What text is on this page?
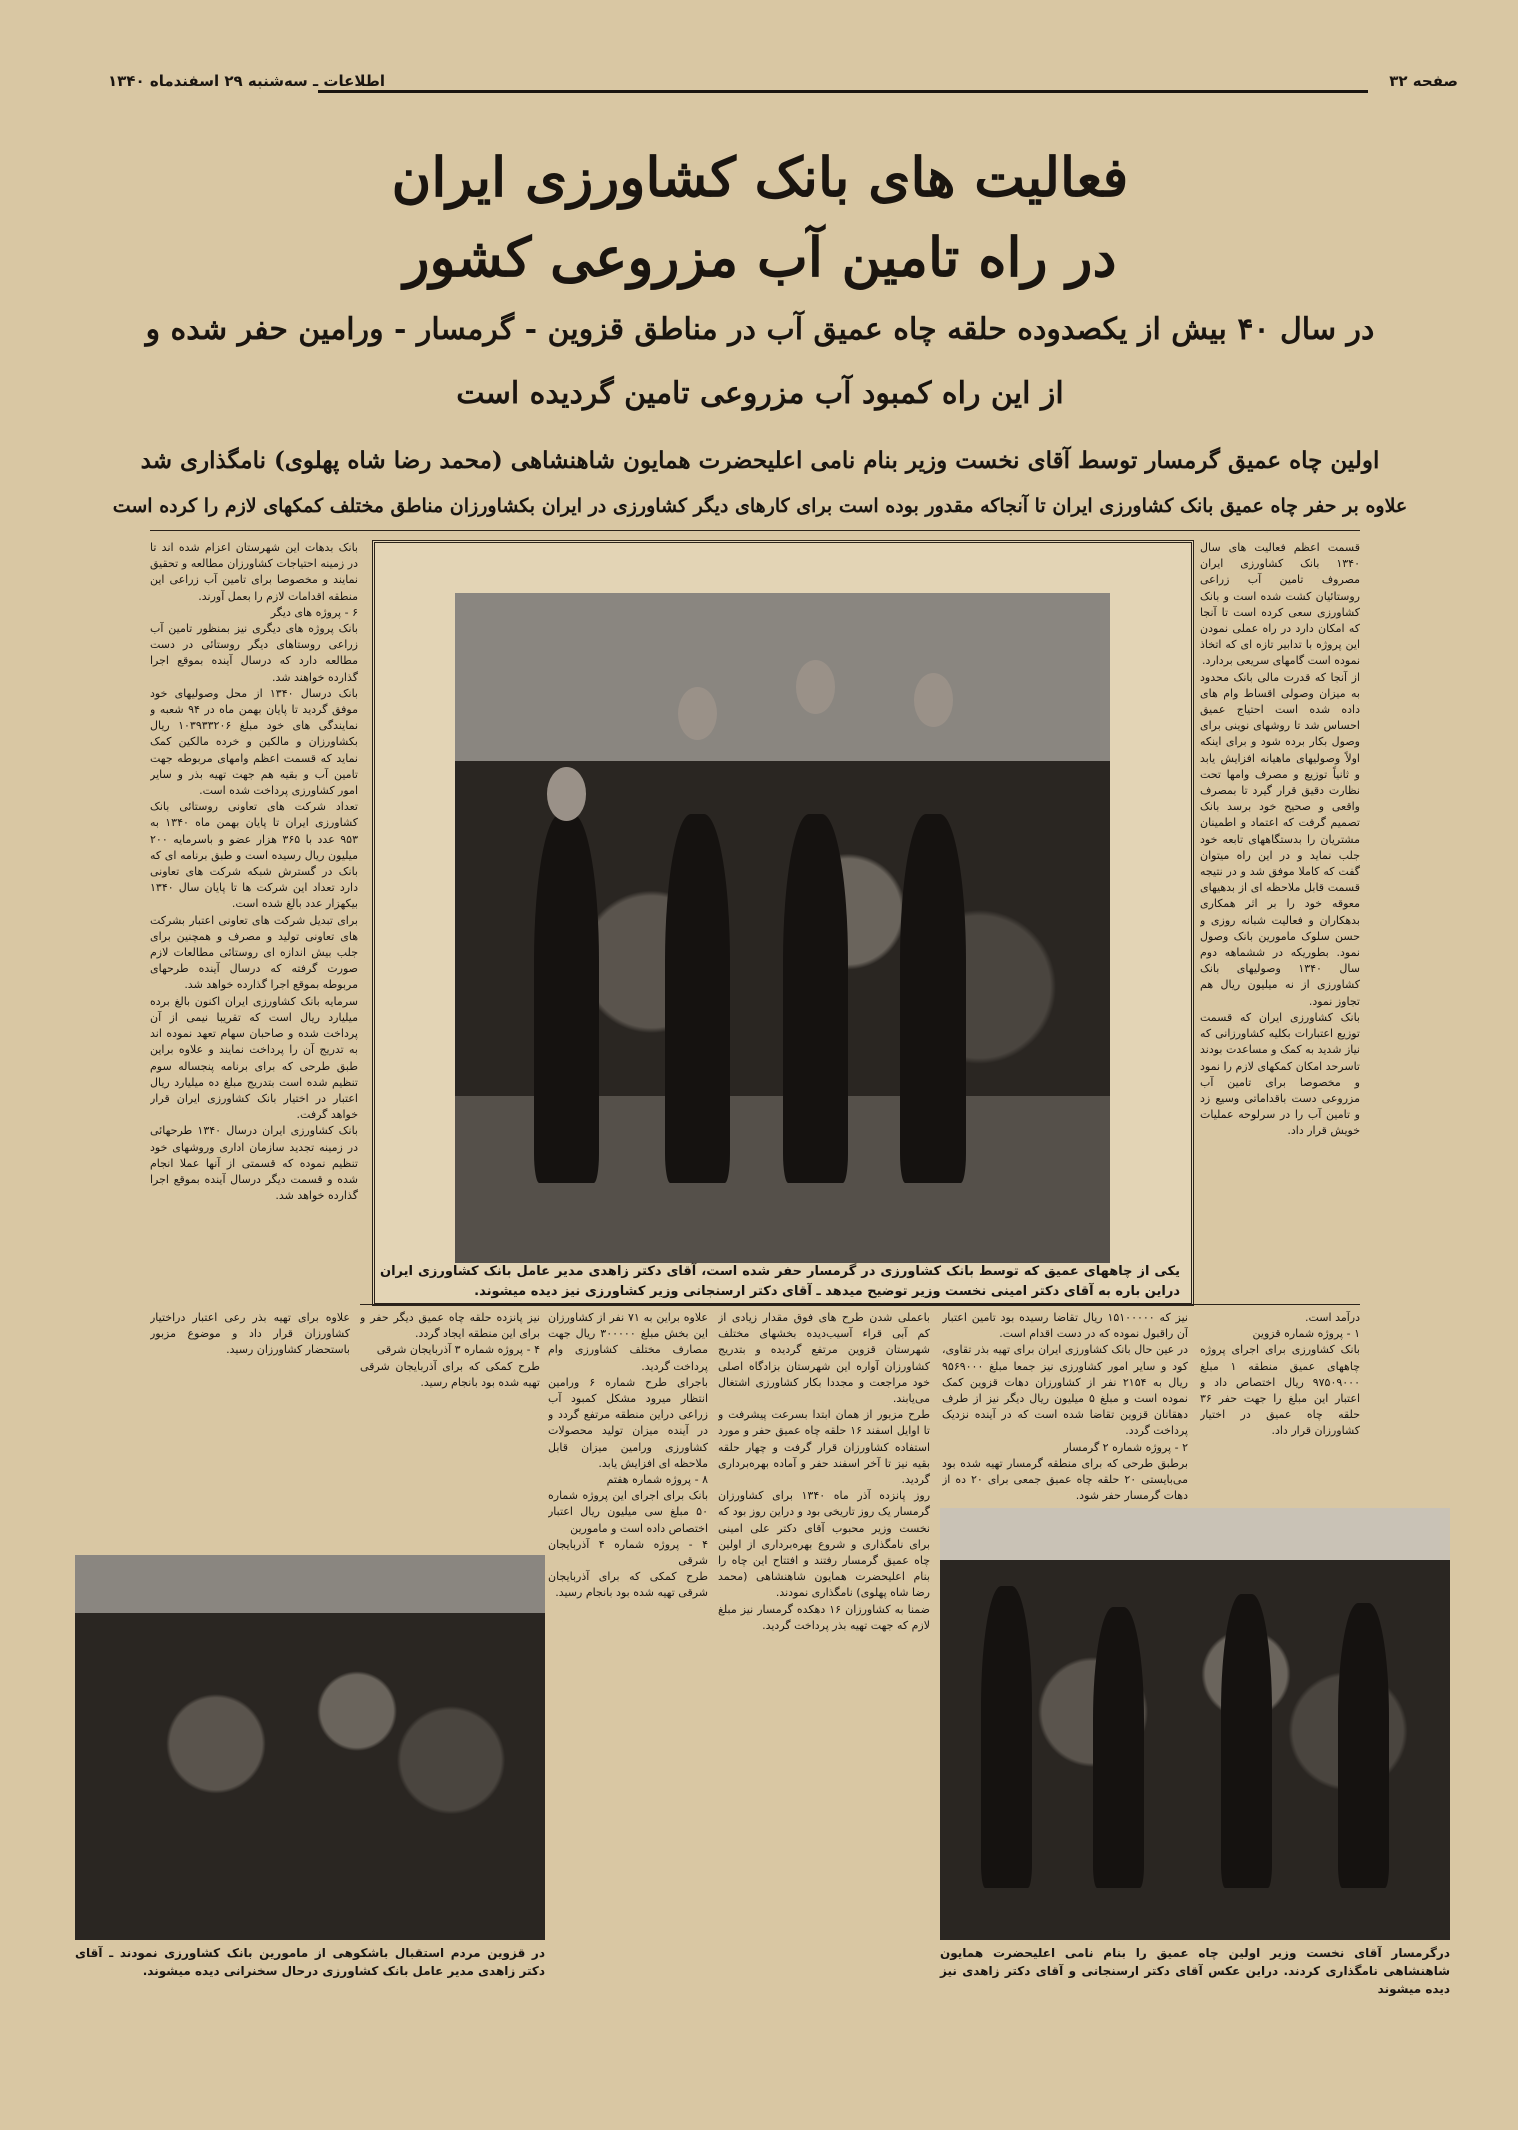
صفحه ۳۲
اطلاعات ـ سه‌شنبه ۲۹ اسفندماه ۱۳۴۰
فعالیت های بانک کشاورزی ایران
در راه تامین آب مزروعی کشور
در سال ۴۰ بیش از یکصدوده حلقه چاه عمیق آب در مناطق قزوین - گرمسار - ورامین حفر شده و
از این راه کمبود آب مزروعی تامین گردیده است
اولین چاه عمیق گرمسار توسط آقای نخست وزیر بنام نامی اعلیحضرت همایون شاهنشاهی (محمد رضا شاه پهلوی) نامگذاری شد
علاوه بر حفر چاه عمیق بانک کشاورزی ایران تا آنجاکه مقدور بوده است برای کارهای دیگر کشاورزی در ایران بکشاورزان مناطق مختلف کمکهای لازم را کرده است
قسمت اعظم فعالیت های سال ۱۳۴۰ بانک کشاورزی ایران مصروف تامین آب زراعی روستائیان کشت شده است و بانک کشاورزی سعی کرده است تا آنجا که امکان دارد در راه عملی نمودن این پروژه با تدابیر تازه ای که اتخاذ نموده است گامهای سریعی بردارد.
از آنجا که قدرت مالی بانک محدود به میزان وصولی اقساط وام های داده شده است احتیاج عمیق احساس شد تا روشهای نوینی برای وصول بکار برده شود و برای اینکه اولاً وصولیهای ماهیانه افزایش یابد و ثانیاً توزیع و مصرف وامها تحت نظارت دقیق قرار گیرد تا بمصرف واقعی و صحیح خود برسد بانک تصمیم گرفت که اعتماد و اطمینان مشتریان را بدستگاههای تابعه خود جلب نماید و در این راه میتوان گفت که کاملا موفق شد و در نتیجه قسمت قابل ملاحظه ای از بدهیهای معوقه خود را بر اثر همکاری بدهکاران و فعالیت شبانه روزی و حسن سلوک مامورین بانک وصول نمود. بطوریکه در ششماهه دوم سال ۱۳۴۰ وصولیهای بانک کشاورزی از نه میلیون ریال هم تجاوز نمود.
بانک کشاورزی ایران که قسمت توزیع اعتبارات بکلیه کشاورزانی که نیاز شدید به کمک و مساعدت بودند تاسرحد امکان کمکهای لازم را نمود و مخصوصا برای تامین آب مزروعی دست باقداماتی وسیع زد و تامین آب را در سرلوحه عملیات خویش قرار داد.
یکی از چاههای عمیق که توسط بانک کشاورزی در گرمسار حفر شده است، آقای دکتر زاهدی مدیر عامل بانک کشاورزی ایران دراین باره به آقای دکتر امینی نخست وزیر توضیح میدهد ـ آقای دکتر ارسنجانی وزیر کشاورزی نیز دیده میشوند.
بانک بدهات این شهرستان اعزام شده اند تا در زمینه احتیاجات کشاورزان مطالعه و تحقیق نمایند و مخصوصا برای تامین آب زراعی این منطقه اقدامات لازم را بعمل آورند.
۶ - پروژه های دیگر
بانک پروژه های دیگری نیز بمنظور تامین آب زراعی روستاهای دیگر روستائی در دست مطالعه دارد که درسال آینده بموقع اجرا گذارده خواهند شد.
بانک درسال ۱۳۴۰ از محل وصولیهای خود موفق گردید تا پایان بهمن ماه در ۹۴ شعبه و نمایندگی های خود مبلغ ۱۰۳۹۳۳۲۰۶ ریال بکشاورزان و مالکین و خرده مالکین کمک نماید که قسمت اعظم وامهای مربوطه جهت تامین آب و بقیه هم جهت تهیه بذر و سایر امور کشاورزی پرداخت شده است.
تعداد شرکت های تعاونی روستائی بانک کشاورزی ایران تا پایان بهمن ماه ۱۳۴۰ به ۹۵۳ عدد با ۳۶۵ هزار عضو و باسرمایه ۲۰۰ میلیون ریال رسیده است و طبق برنامه ای که بانک در گسترش شبکه شرکت های تعاونی دارد تعداد این شرکت ها تا پایان سال ۱۳۴۰ بیکهزار عدد بالغ شده است.
برای تبدیل شرکت های تعاونی اعتبار بشرکت های تعاونی تولید و مصرف و همچنین برای جلب بیش اندازه ای روستائی مطالعات لازم صورت گرفته که درسال آینده طرحهای مربوطه بموقع اجرا گذارده خواهد شد.
سرمایه بانک کشاورزی ایران اکنون بالغ برده میلیارد ریال است که تقریبا نیمی از آن پرداخت شده و صاحبان سهام تعهد نموده اند به تدریج آن را پرداخت نمایند و علاوه براین طبق طرحی که برای برنامه پنجساله سوم تنظیم شده است بتدریج مبلغ ده میلیارد ریال اعتبار در اختیار بانک کشاورزی ایران قرار خواهد گرفت.
بانک کشاورزی ایران درسال ۱۳۴۰ طرحهائی در زمینه تجدید سازمان اداری وروشهای خود تنظیم نموده که قسمتی از آنها عملا انجام شده و قسمت دیگر درسال آینده بموقع اجرا گذارده خواهد شد.
درآمد است.
۱ - پروژه شماره قزوین
بانک کشاورزی برای اجرای پروژه چاههای عمیق منطقه ۱ مبلغ ۹۷۵۰۹۰۰۰ ریال اختصاص داد و اعتبار این مبلغ را جهت حفر ۳۶ حلقه چاه عمیق در اختیار کشاورزان قرار داد.
نیز که ۱۵۱۰۰۰۰۰ ریال تقاضا رسیده بود تامین اعتبار آن راقبول نموده که در دست اقدام است.
در عین حال بانک کشاورزی ایران برای تهیه بذر تقاوی، کود و سایر امور کشاورزی نیز جمعا مبلغ ۹۵۶۹۰۰۰ ریال به ۲۱۵۴ نفر از کشاورزان دهات قزوین کمک نموده است و مبلغ ۵ میلیون ریال دیگر نیز از طرف دهقانان قزوین تقاضا شده است که در آینده نزدیک پرداخت گردد.
۲ - پروژه شماره ۲ گرمسار
برطبق طرحی که برای منطقه گرمسار تهیه شده بود می‌بایستی ۲۰ حلقه چاه عمیق جمعی برای ۲۰ ده از دهات گرمسار حفر شود.
باعملی شدن طرح های فوق مقدار زیادی از کم آبی قراء آسیب‌دیده بخشهای مختلف شهرستان قزوین مرتفع گردیده و بتدریج کشاورزان آواره این شهرستان بزادگاه اصلی خود مراجعت و مجددا بکار کشاورزی اشتغال می‌یابند.
طرح مزبور از همان ابتدا بسرعت پیشرفت و تا اوایل اسفند ۱۶ حلقه چاه عمیق حفر و مورد استفاده کشاورزان قرار گرفت و چهار حلقه بقیه نیز تا آخر اسفند حفر و آماده بهره‌برداری گردید.
روز پانزده آذر ماه ۱۳۴۰ برای کشاورزان گرمسار یک روز تاریخی بود و دراین روز بود که نخست وزیر محبوب آقای دکتر علی امینی برای نامگذاری و شروع بهره‌برداری از اولین چاه عمیق گرمسار رفتند و افتتاح این چاه را بنام اعلیحضرت همایون شاهنشاهی (محمد رضا شاه پهلوی) نامگذاری نمودند.
ضمنا به کشاورزان ۱۶ دهکده گرمسار نیز مبلغ لازم که جهت تهیه بذر پرداخت گردید.
علاوه براین به ۷۱ نفر از کشاورزان این بخش مبلغ ۳۰۰۰۰۰ ریال جهت مصارف مختلف کشاورزی وام پرداخت گردید.
باجرای طرح شماره ۶ ورامین انتظار میرود مشکل کمبود آب زراعی دراین منطقه مرتفع گردد و در آینده میزان تولید محصولات کشاورزی ورامین میزان قابل ملاحظه ای افزایش یابد.
۸ - پروژه شماره هفتم
بانک برای اجرای این پروژه شماره ۵۰ مبلغ سی میلیون ریال اعتبار اختصاص داده است و مامورین
۴ - پروژه شماره ۴ آذربایجان شرقی
طرح کمکی که برای آذربایجان شرقی تهیه شده بود بانجام رسید.
نیز پانزده حلقه چاه عمیق دیگر حفر و برای این منطقه ایجاد گردد.
۴ - پروژه شماره ۳ آذربایجان شرقی
طرح کمکی که برای آذربایجان شرقی تهیه شده بود بانجام رسید.
علاوه برای تهیه بذر رعی اعتبار دراختیار کشاورزان قرار داد و موضوع مزبور باستحضار کشاورزان رسید.
در قزوین مردم استقبال باشکوهی از مامورین بانک کشاورزی نمودند ـ آقای دکتر زاهدی مدیر عامل بانک کشاورزی درحال سخنرانی دیده میشوند.
درگرمسار آقای نخست وزیر اولین چاه عمیق را بنام نامی اعلیحضرت همایون شاهنشاهی نامگذاری کردند. دراین عکس آقای دکتر ارسنجانی و آقای دکتر زاهدی نیز دیده میشوند
